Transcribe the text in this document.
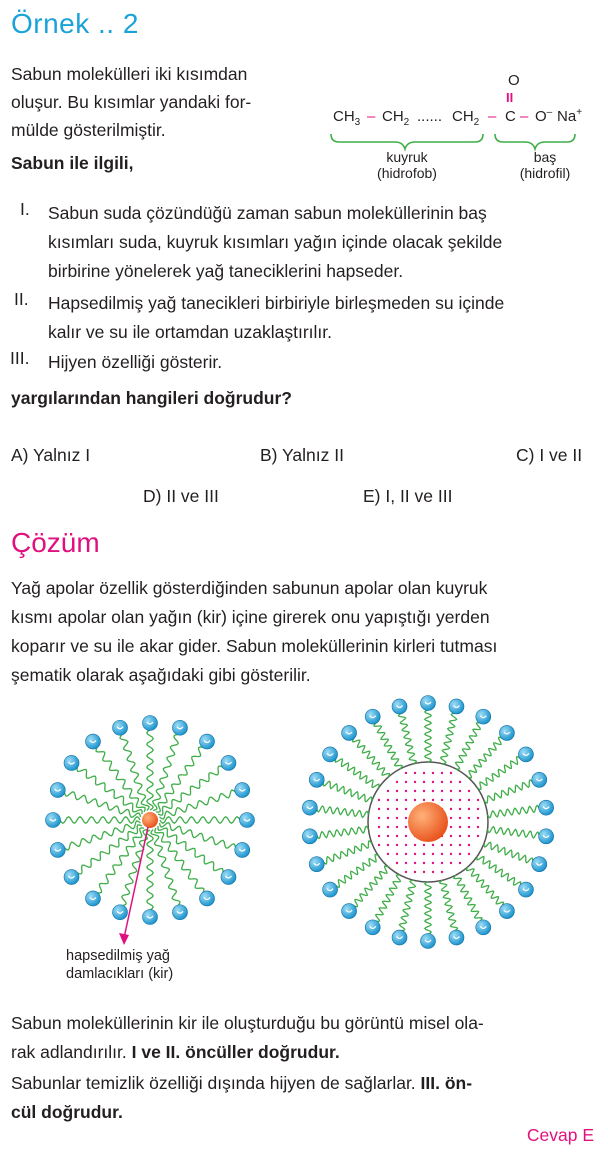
Örnek .. 2
Sabun molekülleri iki kısımdan
oluşur. Bu kısımlar yandaki for-
mülde gösterilmiştir.
Sabun ile ilgili,
O
II
$CH_3 - CH_2$ ...... $CH_2$ – C – O– Na+
kuyruk
(hidrofob)
baş
(hidrofil)
I. Sabun suda çözündüğü zaman sabun moleküllerinin baş
kısımları suda, kuyruk kısımları yağın içinde olacak şekilde
birbirine yönelerek yağ taneciklerini hapseder.
II. Hapsedilmiş yağ tanecikleri birbiriyle birleşmeden su içinde
kalır ve su ile ortamdan uzaklaştırılır.
III. Hijyen özelliği gösterir.
yargılarından hangileri doğrudur?
A) Yalnız I	B) Yalnız II	C) I ve II
D) II ve III	E) I, II ve III
Çözüm
Yağ apolar özellik gösterdiğinden sabunun apolar olan kuyruk
kısmı apolar olan yağın (kir) içine girerek onu yapıştığı yerden
koparır ve su ile akar gider. Sabun moleküllerinin kirleri tutması
şematik olarak aşağıdaki gibi gösterilir.
hapsedilmiş yağ
damlacıkları (kir)
Sabun moleküllerinin kir ile oluşturduğu bu görüntü misel ola-
rak adlandırılır. I ve II. öncüller doğrudur.
Sabunlar temizlik özelliği dışında hijyen de sağlarlar. III. ön-
cül doğrudur.
Cevap E
